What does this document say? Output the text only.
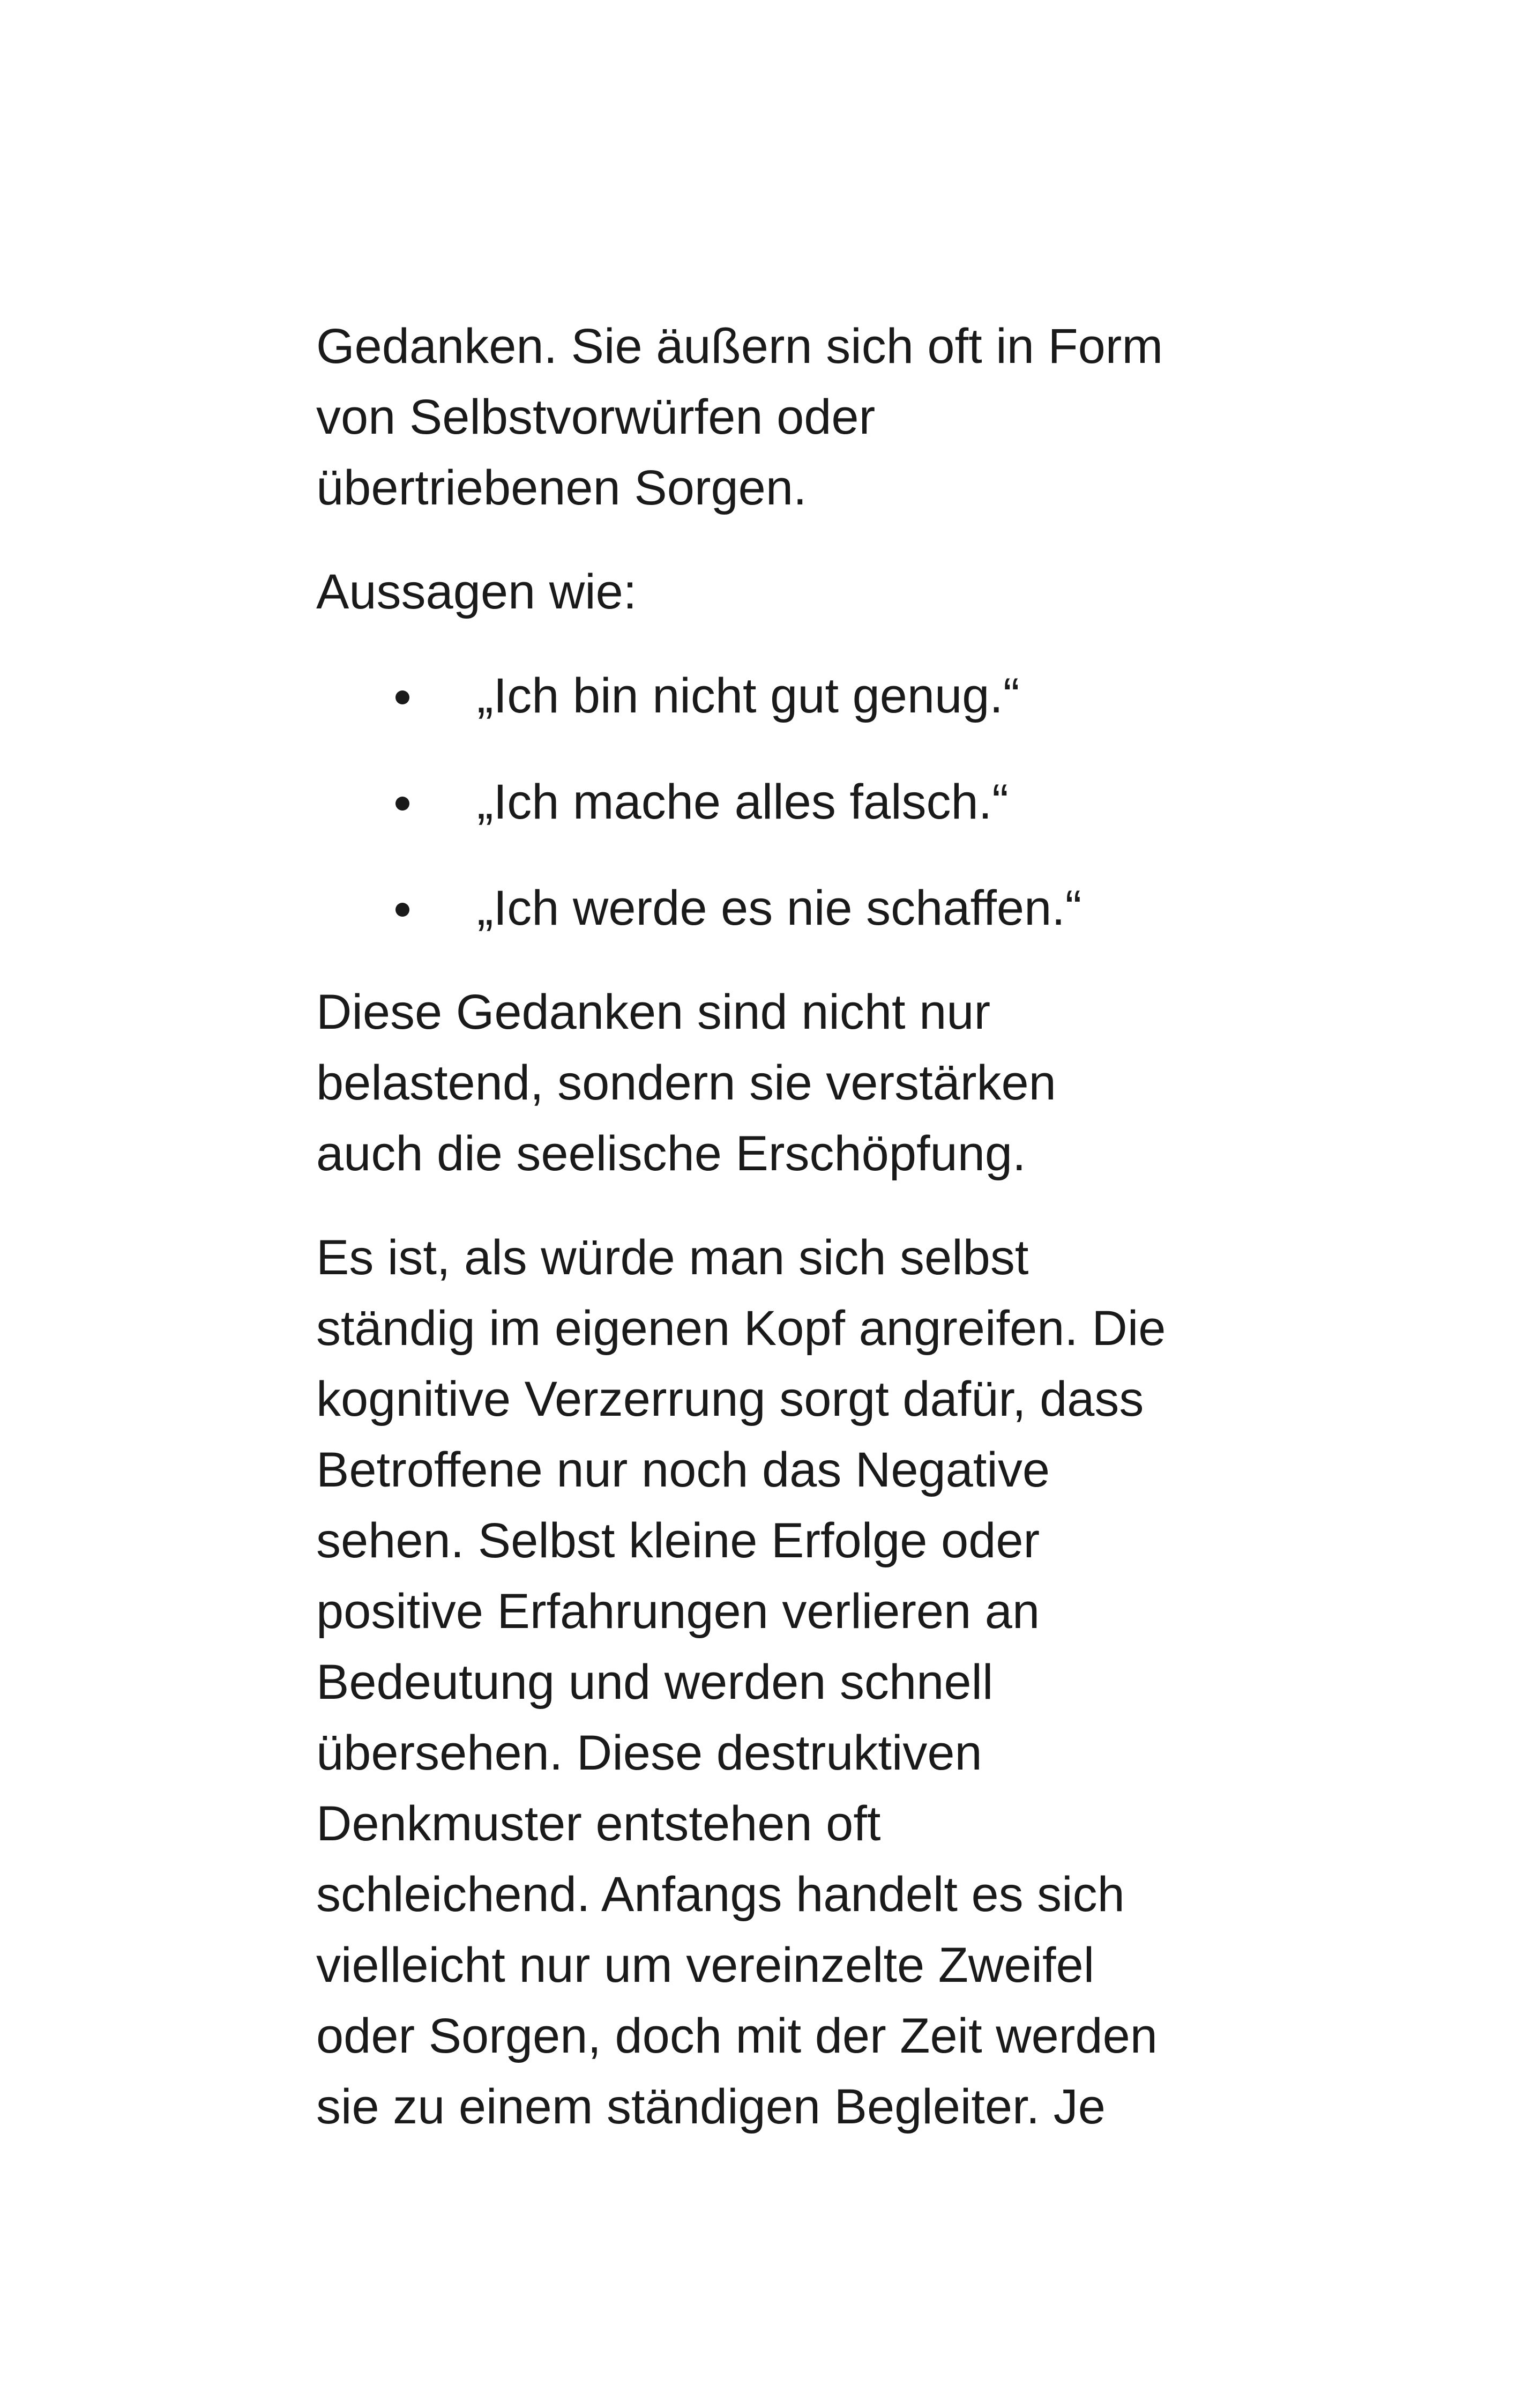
Gedanken. Sie äußern sich oft in Form
von Selbstvorwürfen oder
übertriebenen Sorgen.

Aussagen wie:

„Ich bin nicht gut genug.“
„Ich mache alles falsch.“
„Ich werde es nie schaffen.“

Diese Gedanken sind nicht nur
belastend, sondern sie verstärken
auch die seelische Erschöpfung.

Es ist, als würde man sich selbst
ständig im eigenen Kopf angreifen. Die
kognitive Verzerrung sorgt dafür, dass
Betroffene nur noch das Negative
sehen. Selbst kleine Erfolge oder
positive Erfahrungen verlieren an
Bedeutung und werden schnell
übersehen. Diese destruktiven
Denkmuster entstehen oft
schleichend. Anfangs handelt es sich
vielleicht nur um vereinzelte Zweifel
oder Sorgen, doch mit der Zeit werden
sie zu einem ständigen Begleiter. Je
